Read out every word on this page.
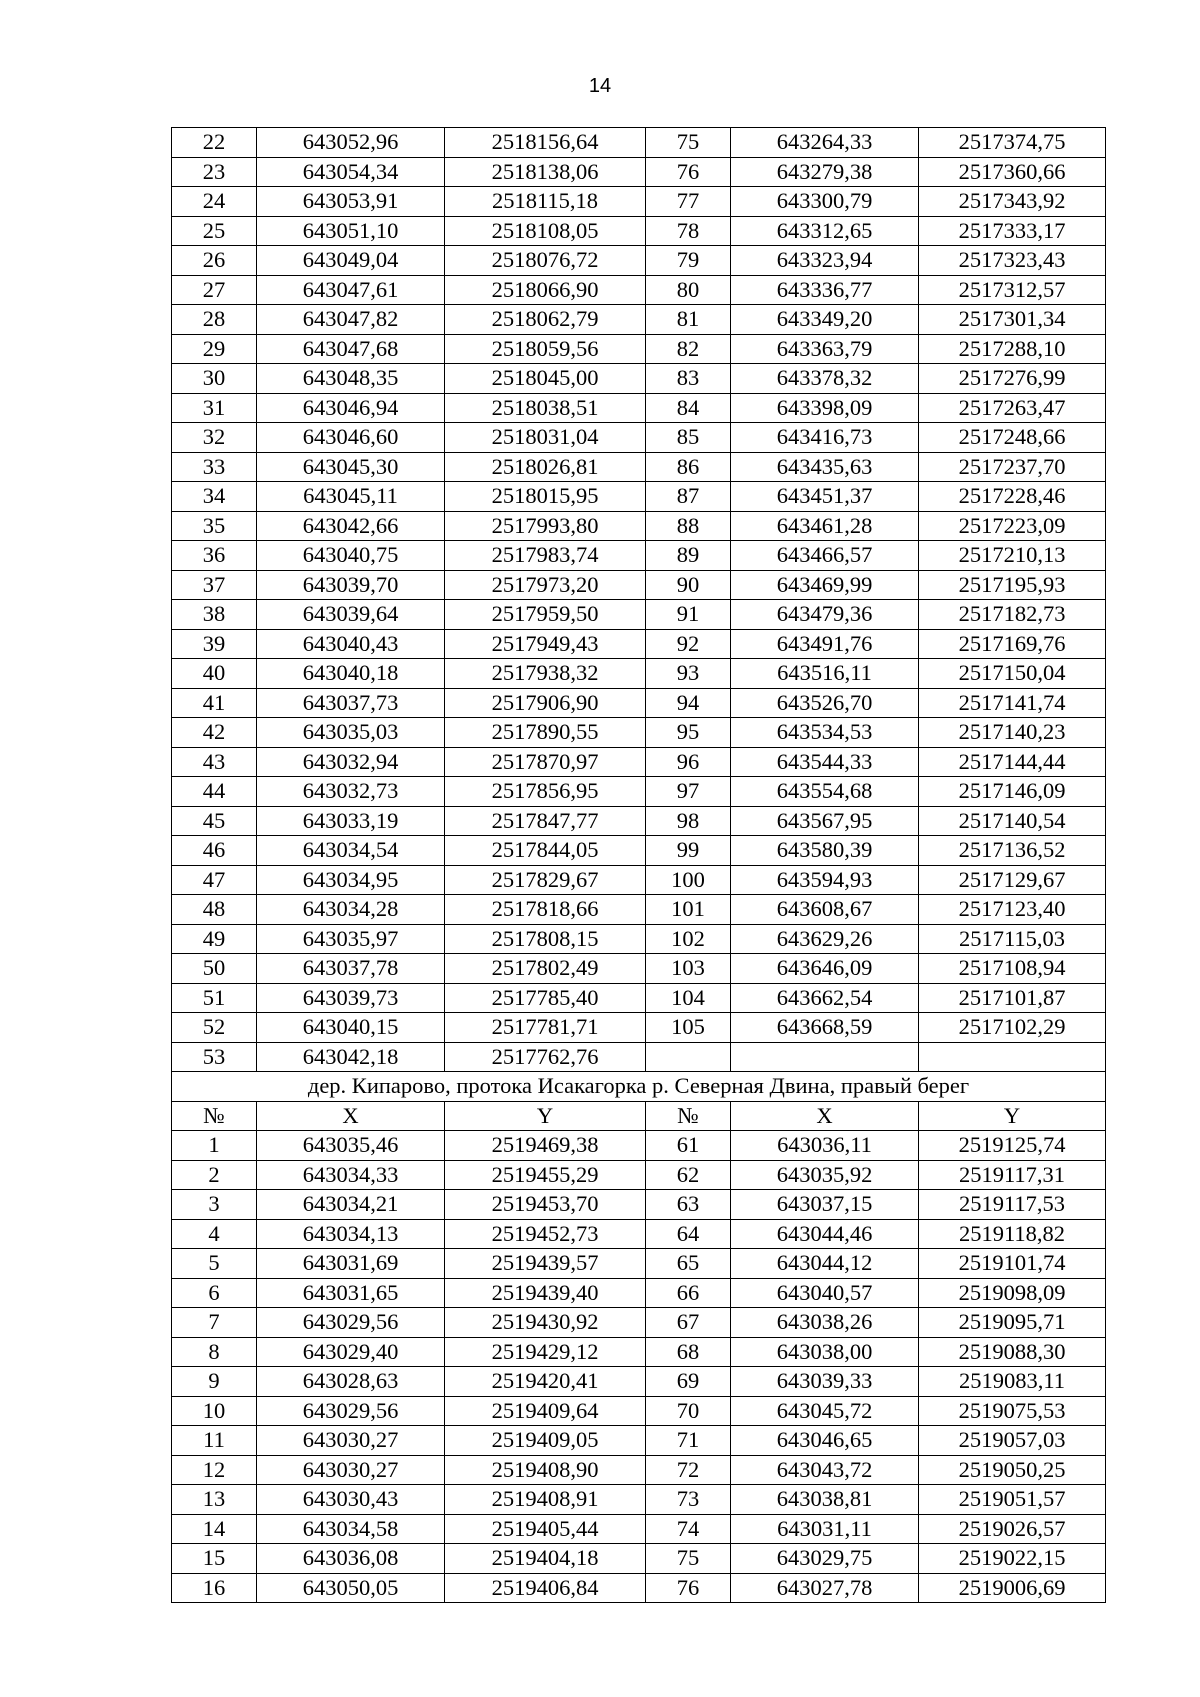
14
22	643052,96	2518156,64	75	643264,33	2517374,75
23	643054,34	2518138,06	76	643279,38	2517360,66
24	643053,91	2518115,18	77	643300,79	2517343,92
25	643051,10	2518108,05	78	643312,65	2517333,17
26	643049,04	2518076,72	79	643323,94	2517323,43
27	643047,61	2518066,90	80	643336,77	2517312,57
28	643047,82	2518062,79	81	643349,20	2517301,34
29	643047,68	2518059,56	82	643363,79	2517288,10
30	643048,35	2518045,00	83	643378,32	2517276,99
31	643046,94	2518038,51	84	643398,09	2517263,47
32	643046,60	2518031,04	85	643416,73	2517248,66
33	643045,30	2518026,81	86	643435,63	2517237,70
34	643045,11	2518015,95	87	643451,37	2517228,46
35	643042,66	2517993,80	88	643461,28	2517223,09
36	643040,75	2517983,74	89	643466,57	2517210,13
37	643039,70	2517973,20	90	643469,99	2517195,93
38	643039,64	2517959,50	91	643479,36	2517182,73
39	643040,43	2517949,43	92	643491,76	2517169,76
40	643040,18	2517938,32	93	643516,11	2517150,04
41	643037,73	2517906,90	94	643526,70	2517141,74
42	643035,03	2517890,55	95	643534,53	2517140,23
43	643032,94	2517870,97	96	643544,33	2517144,44
44	643032,73	2517856,95	97	643554,68	2517146,09
45	643033,19	2517847,77	98	643567,95	2517140,54
46	643034,54	2517844,05	99	643580,39	2517136,52
47	643034,95	2517829,67	100	643594,93	2517129,67
48	643034,28	2517818,66	101	643608,67	2517123,40
49	643035,97	2517808,15	102	643629,26	2517115,03
50	643037,78	2517802,49	103	643646,09	2517108,94
51	643039,73	2517785,40	104	643662,54	2517101,87
52	643040,15	2517781,71	105	643668,59	2517102,29
53	643042,18	2517762,76			
дер. Кипарово, протока Исакагорка р. Северная Двина, правый берег					
№	X	Y	№	X	Y
1	643035,46	2519469,38	61	643036,11	2519125,74
2	643034,33	2519455,29	62	643035,92	2519117,31
3	643034,21	2519453,70	63	643037,15	2519117,53
4	643034,13	2519452,73	64	643044,46	2519118,82
5	643031,69	2519439,57	65	643044,12	2519101,74
6	643031,65	2519439,40	66	643040,57	2519098,09
7	643029,56	2519430,92	67	643038,26	2519095,71
8	643029,40	2519429,12	68	643038,00	2519088,30
9	643028,63	2519420,41	69	643039,33	2519083,11
10	643029,56	2519409,64	70	643045,72	2519075,53
11	643030,27	2519409,05	71	643046,65	2519057,03
12	643030,27	2519408,90	72	643043,72	2519050,25
13	643030,43	2519408,91	73	643038,81	2519051,57
14	643034,58	2519405,44	74	643031,11	2519026,57
15	643036,08	2519404,18	75	643029,75	2519022,15
16	643050,05	2519406,84	76	643027,78	2519006,69
